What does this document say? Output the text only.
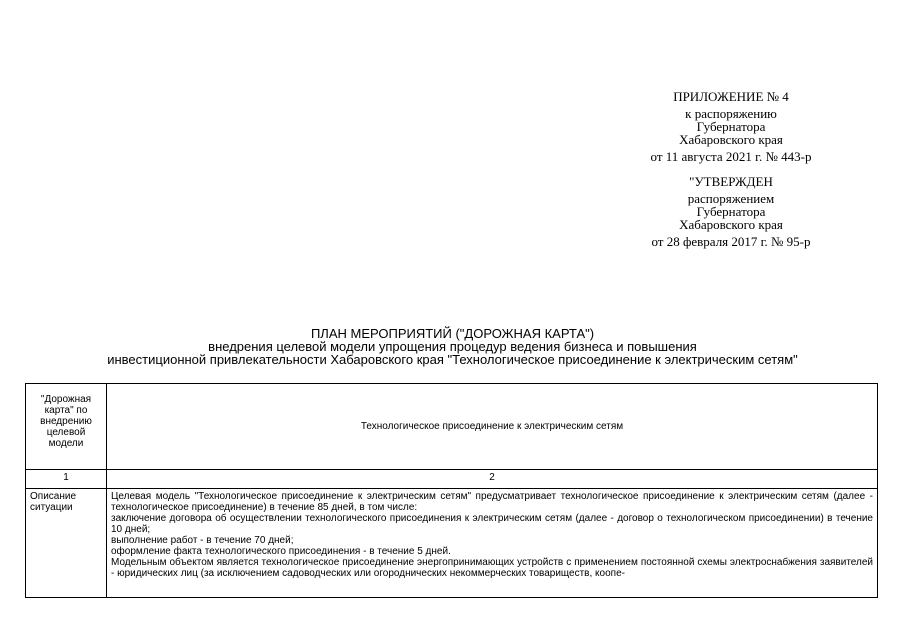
ПРИЛОЖЕНИЕ № 4
к распоряжению
Губернатора
Хабаровского края
от 11 августа 2021 г. № 443-р
"УТВЕРЖДЕН
распоряжением
Губернатора
Хабаровского края
от 28 февраля 2017 г. № 95-р
ПЛАН МЕРОПРИЯТИЙ ("ДОРОЖНАЯ КАРТА")
внедрения целевой модели упрощения процедур ведения бизнеса и повышения
инвестиционной привлекательности Хабаровского края "Технологическое присоединение к электрическим сетям"
"Дорожная карта" по внедрению целевой модели	Технологическое присоединение к электрическим сетям
1	2
Описание ситуации	Целевая модель "Технологическое присоединение к электрическим сетям" предусматривает технологическое присоединение к электрическим сетям (далее - технологическое присоединение) в течение 85 дней, в том числе:

заключение договора об осуществлении технологического присоединения к электрическим сетям (далее - договор о технологическом присоединении) в течение 10 дней;

выполнение работ - в течение 70 дней;

оформление факта технологического присоединения - в течение 5 дней.

Модельным объектом является технологическое присоединение энергопринимающих устройств с применением постоянной схемы электроснабжения заявителей - юридических лиц (за исключением садоводческих или огороднических некоммерческих товариществ, коопе-
